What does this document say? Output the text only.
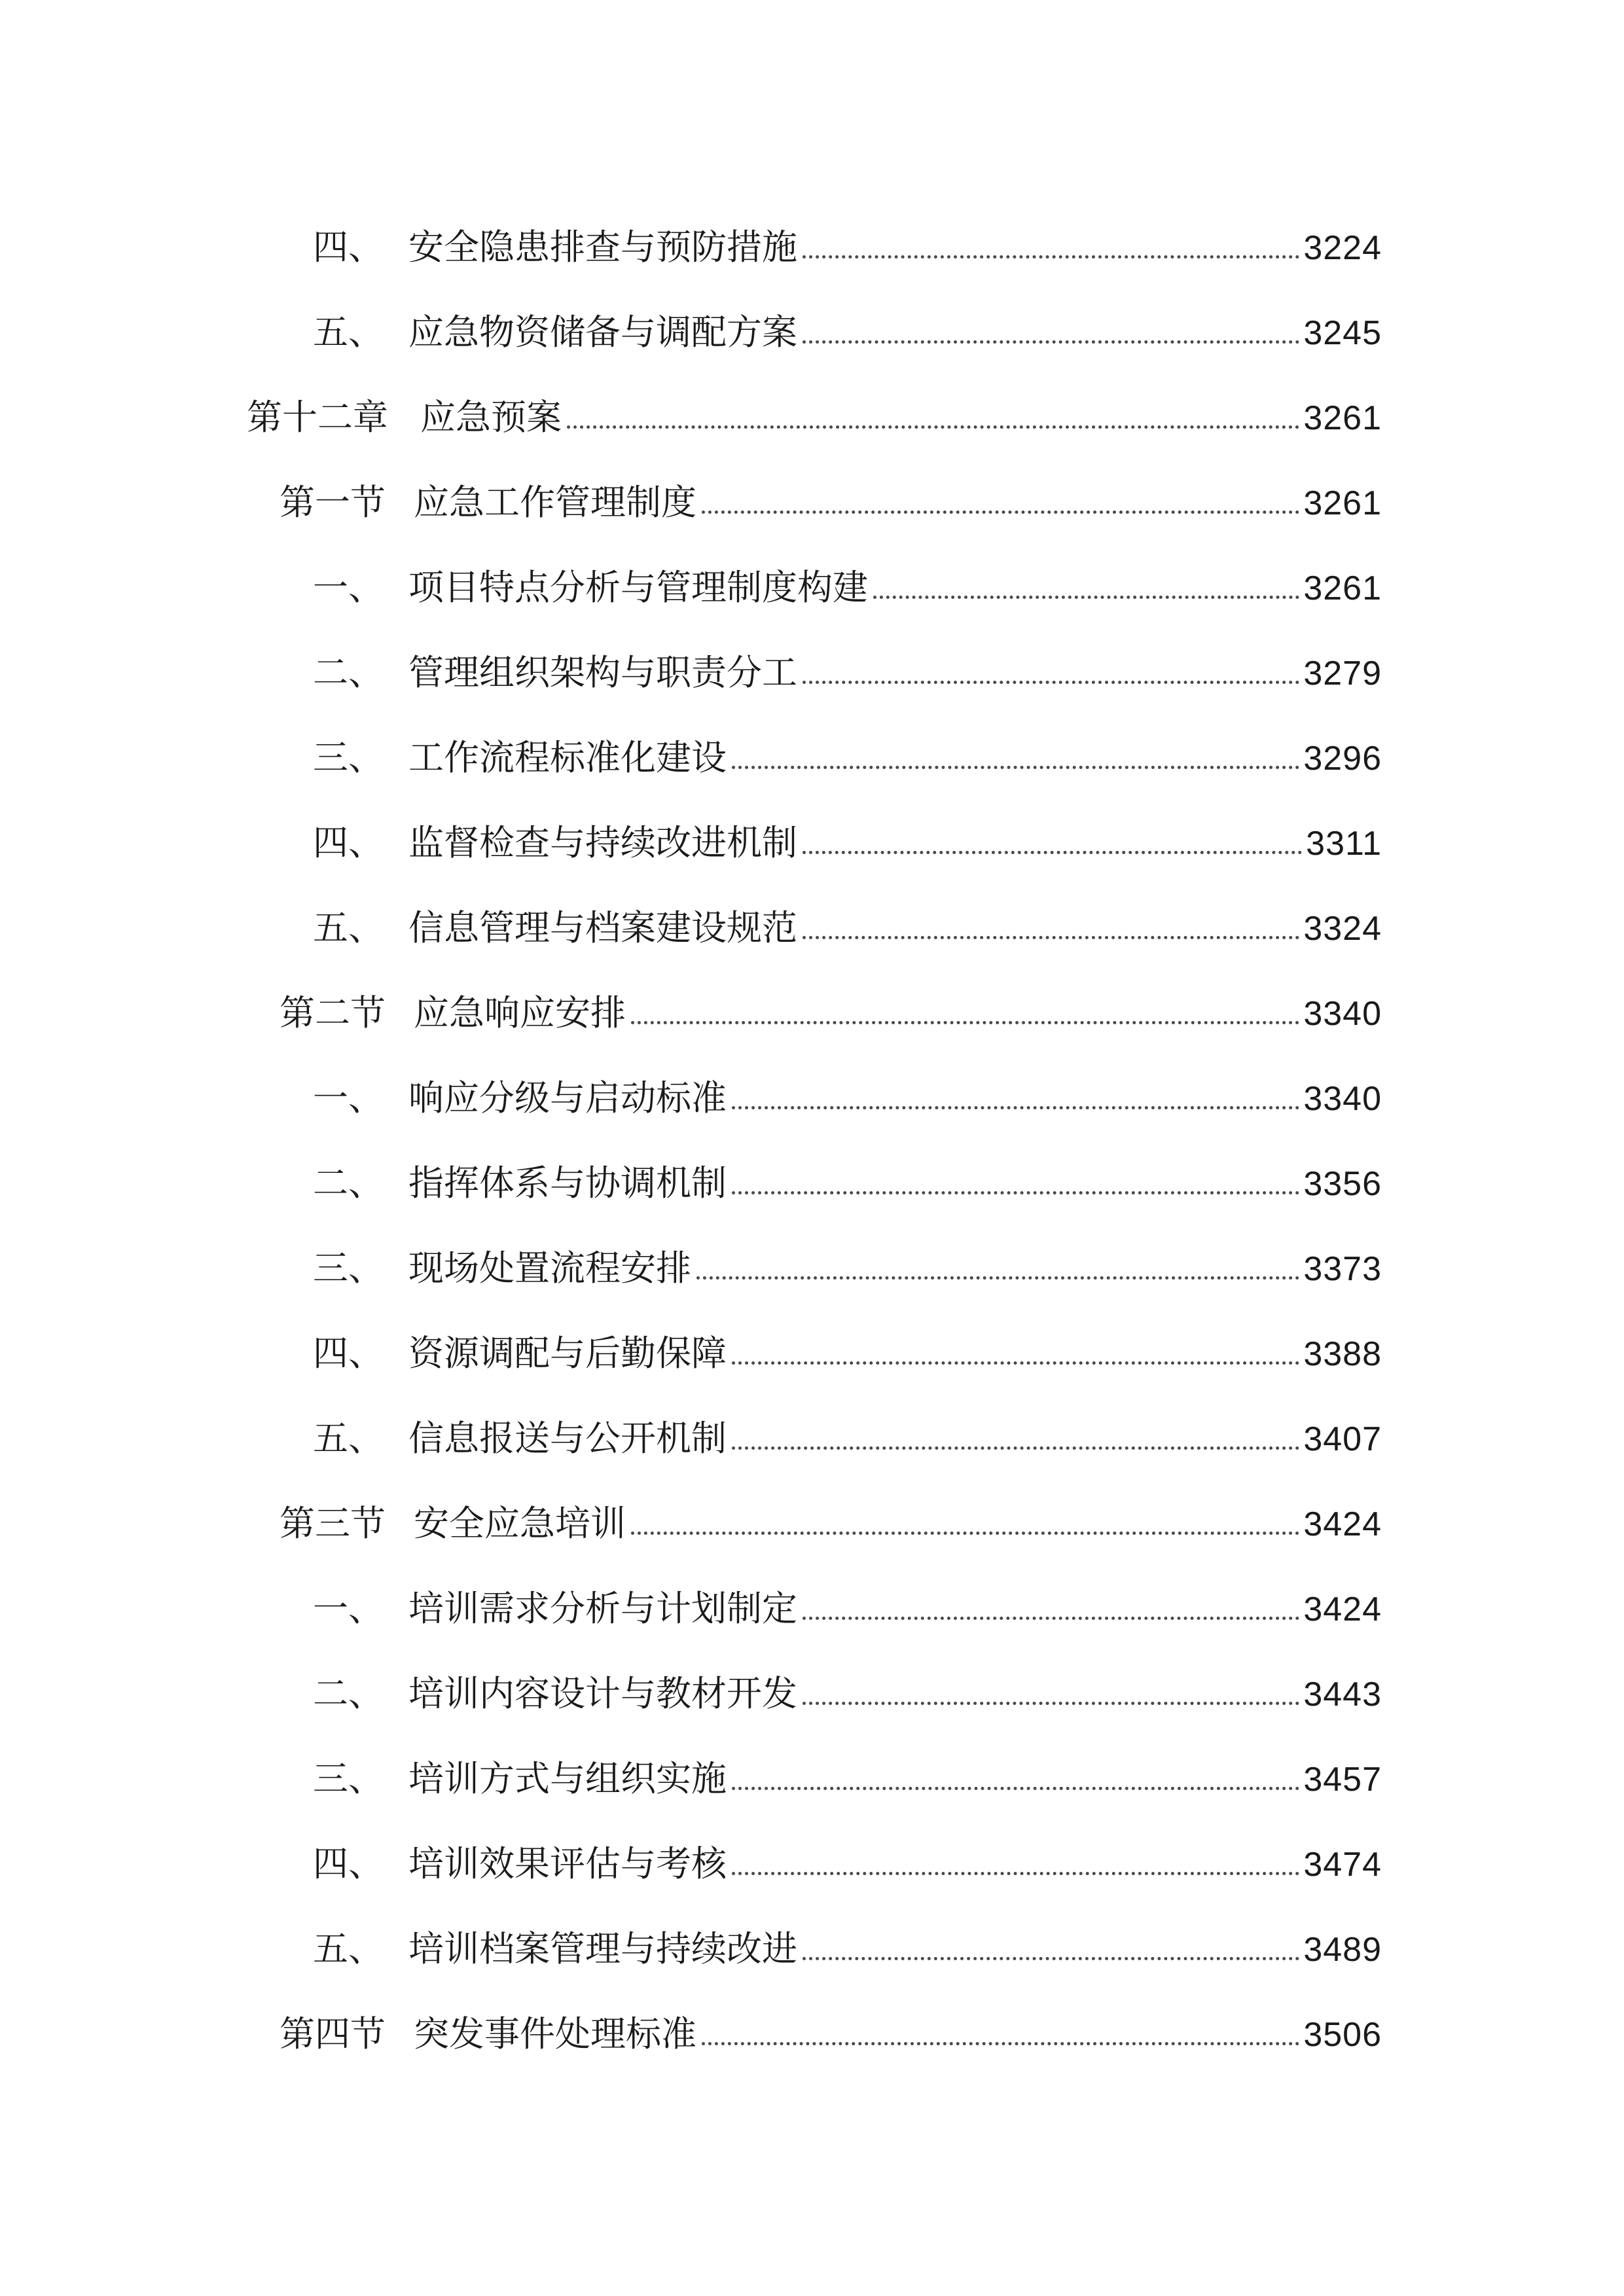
四、 安全隐患排查与预防措施	3224
五、 应急物资储备与调配方案	3245
第十二章 应急预案	3261
第一节 应急工作管理制度	3261
一、 项目特点分析与管理制度构建	3261
二、 管理组织架构与职责分工	3279
三、 工作流程标准化建设	3296
四、 监督检查与持续改进机制	3311
五、 信息管理与档案建设规范	3324
第二节 应急响应安排	3340
一、 响应分级与启动标准	3340
二、 指挥体系与协调机制	3356
三、 现场处置流程安排	3373
四、 资源调配与后勤保障	3388
五、 信息报送与公开机制	3407
第三节 安全应急培训	3424
一、 培训需求分析与计划制定	3424
二、 培训内容设计与教材开发	3443
三、 培训方式与组织实施	3457
四、 培训效果评估与考核	3474
五、 培训档案管理与持续改进	3489
第四节 突发事件处理标准	3506
